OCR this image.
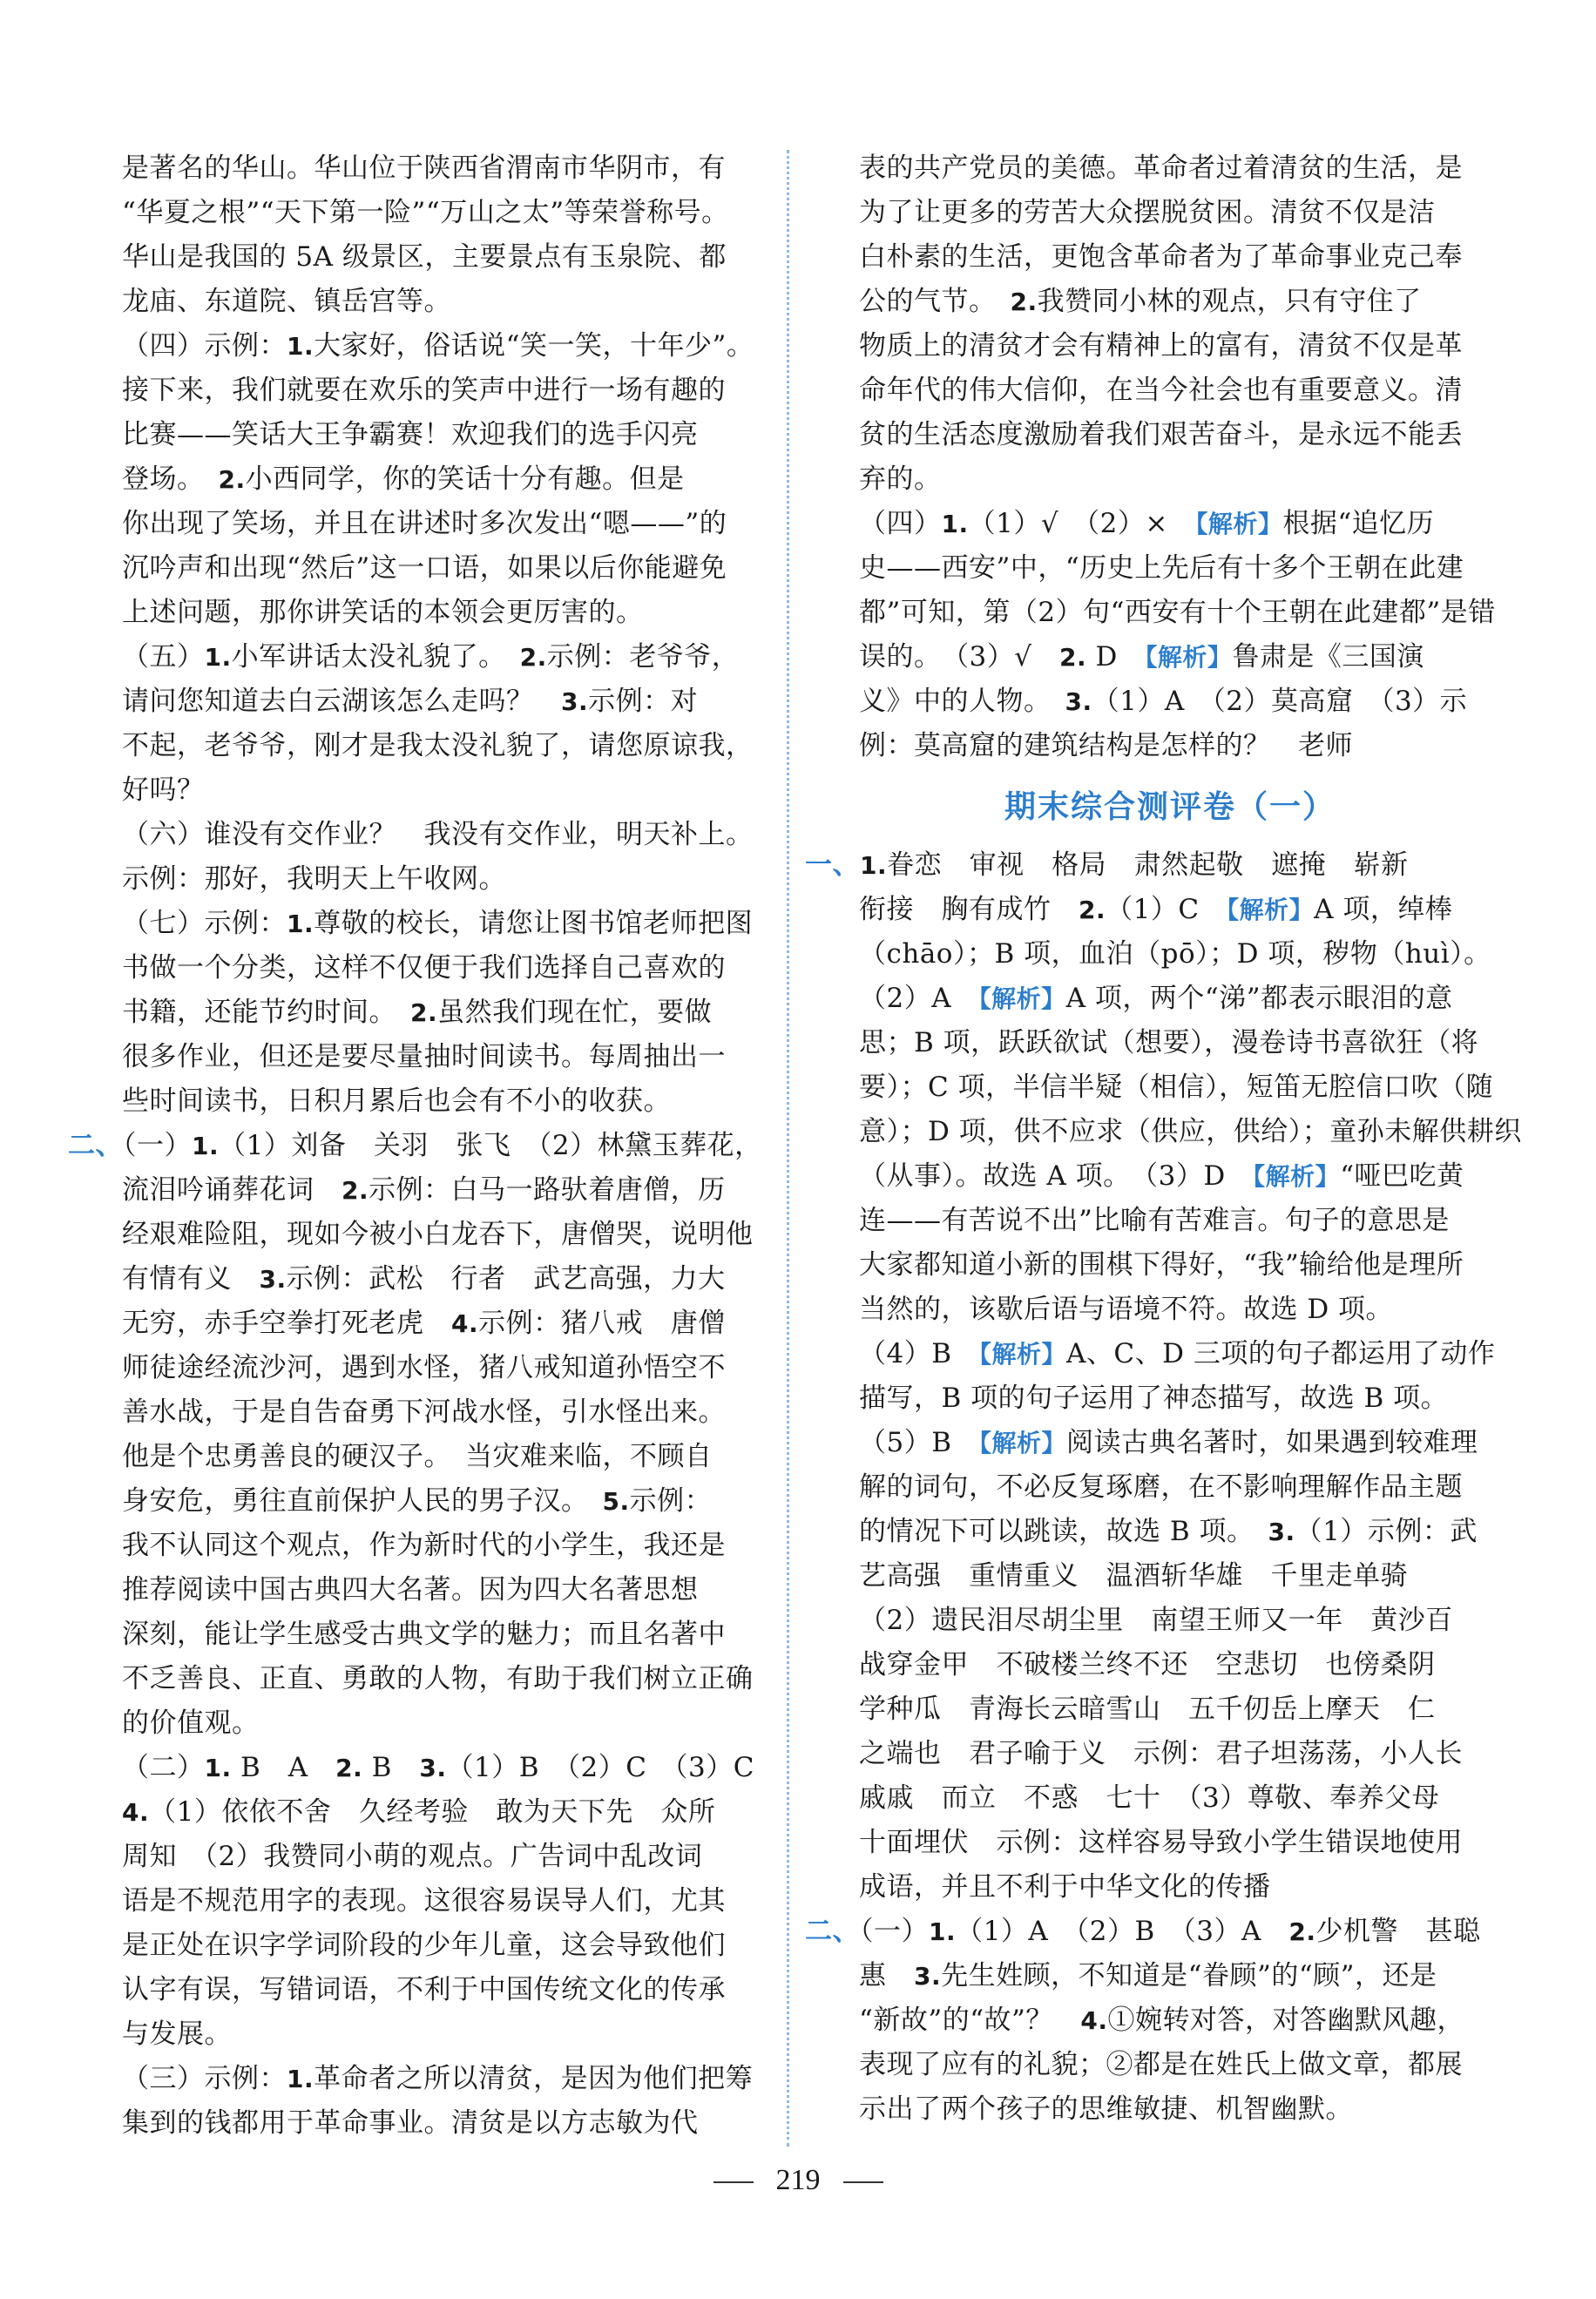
是著名的华山。华山位于陕西省渭南市华阴市，有
“华夏之根”“天下第一险”“万山之太”等荣誉称号。
华山是我国的 5A 级景区，主要景点有玉泉院、都
龙庙、东道院、镇岳宫等。
（四）示例：1.大家好，俗话说“笑一笑，十年少”。
接下来，我们就要在欢乐的笑声中进行一场有趣的
比赛——笑话大王争霸赛！欢迎我们的选手闪亮
登场。　2.小西同学，你的笑话十分有趣。但是
你出现了笑场，并且在讲述时多次发出“嗯——”的
沉吟声和出现“然后”这一口语，如果以后你能避免
上述问题，那你讲笑话的本领会更厉害的。
（五）1.小军讲话太没礼貌了。　2.示例：老爷爷，
请问您知道去白云湖该怎么走吗？　3.示例：对
不起，老爷爷，刚才是我太没礼貌了，请您原谅我，
好吗？
（六）谁没有交作业？　我没有交作业，明天补上。
示例：那好，我明天上午收网。
（七）示例：1.尊敬的校长，请您让图书馆老师把图
书做一个分类，这样不仅便于我们选择自己喜欢的
书籍，还能节约时间。　2.虽然我们现在忙，要做
很多作业，但还是要尽量抽时间读书。每周抽出一
些时间读书，日积月累后也会有不小的收获。
二、（一）1.（1）刘备　关羽　张飞　（2）林黛玉葬花，
流泪吟诵葬花词　2.示例：白马一路驮着唐僧，历
经艰难险阻，现如今被小白龙吞下，唐僧哭，说明他
有情有义　3.示例：武松　行者　武艺高强，力大
无穷，赤手空拳打死老虎　4.示例：猪八戒　唐僧
师徒途经流沙河，遇到水怪，猪八戒知道孙悟空不
善水战，于是自告奋勇下河战水怪，引水怪出来。
他是个忠勇善良的硬汉子。　当灾难来临，不顾自
身安危，勇往直前保护人民的男子汉。　5.示例：
我不认同这个观点，作为新时代的小学生，我还是
推荐阅读中国古典四大名著。因为四大名著思想
深刻，能让学生感受古典文学的魅力；而且名著中
不乏善良、正直、勇敢的人物，有助于我们树立正确
的价值观。
（二）1. B　A　2. B　3.（1）B　（2）C　（3）C
4.（1）依依不舍　久经考验　敢为天下先　众所
周知　（2）我赞同小萌的观点。广告词中乱改词
语是不规范用字的表现。这很容易误导人们，尤其
是正处在识字学词阶段的少年儿童，这会导致他们
认字有误，写错词语，不利于中国传统文化的传承
与发展。
（三）示例：1.革命者之所以清贫，是因为他们把筹
集到的钱都用于革命事业。清贫是以方志敏为代
表的共产党员的美德。革命者过着清贫的生活，是
为了让更多的劳苦大众摆脱贫困。清贫不仅是洁
白朴素的生活，更饱含革命者为了革命事业克己奉
公的气节。　2.我赞同小林的观点，只有守住了
物质上的清贫才会有精神上的富有，清贫不仅是革
命年代的伟大信仰，在当今社会也有重要意义。清
贫的生活态度激励着我们艰苦奋斗，是永远不能丢
弃的。
（四）1.（1）√　（2）×　【解析】根据“追忆历
史——西安”中，“历史上先后有十多个王朝在此建
都”可知，第（2）句“西安有十个王朝在此建都”是错
误的。　（3）√　2. D　【解析】鲁肃是《三国演
义》中的人物。　3.（1）A　（2）莫高窟　（3）示
例：莫高窟的建筑结构是怎样的？　老师
期末综合测评卷（一）
一、1.眷恋　审视　格局　肃然起敬　遮掩　崭新
衔接　胸有成竹　2.（1）C　【解析】A 项，绰棒
（chāo）；B 项，血泊（pō）；D 项，秽物（huì）。
（2）A　【解析】A 项，两个“涕”都表示眼泪的意
思；B 项，跃跃欲试（想要），漫卷诗书喜欲狂（将
要）；C 项，半信半疑（相信），短笛无腔信口吹（随
意）；D 项，供不应求（供应，供给）；童孙未解供耕织
（从事）。故选 A 项。　（3）D　【解析】“哑巴吃黄
连——有苦说不出”比喻有苦难言。句子的意思是
大家都知道小新的围棋下得好，“我”输给他是理所
当然的，该歇后语与语境不符。故选 D 项。
（4）B　【解析】A、C、D 三项的句子都运用了动作
描写，B 项的句子运用了神态描写，故选 B 项。
（5）B　【解析】阅读古典名著时，如果遇到较难理
解的词句，不必反复琢磨，在不影响理解作品主题
的情况下可以跳读，故选 B 项。　3.（1）示例：武
艺高强　重情重义　温酒斩华雄　千里走单骑
（2）遗民泪尽胡尘里　南望王师又一年　黄沙百
战穿金甲　不破楼兰终不还　空悲切　也傍桑阴
学种瓜　青海长云暗雪山　五千仞岳上摩天　仁
之端也　君子喻于义　示例：君子坦荡荡，小人长
戚戚　而立　不惑　七十　（3）尊敬、奉养父母
十面埋伏　示例：这样容易导致小学生错误地使用
成语，并且不利于中华文化的传播
二、（一）1.（1）A　（2）B　（3）A　2.少机警　甚聪
惠　3.先生姓顾，不知道是“眷顾”的“顾”，还是
“新故”的“故”？　4.①婉转对答，对答幽默风趣，
表现了应有的礼貌；②都是在姓氏上做文章，都展
示出了两个孩子的思维敏捷、机智幽默。
219
